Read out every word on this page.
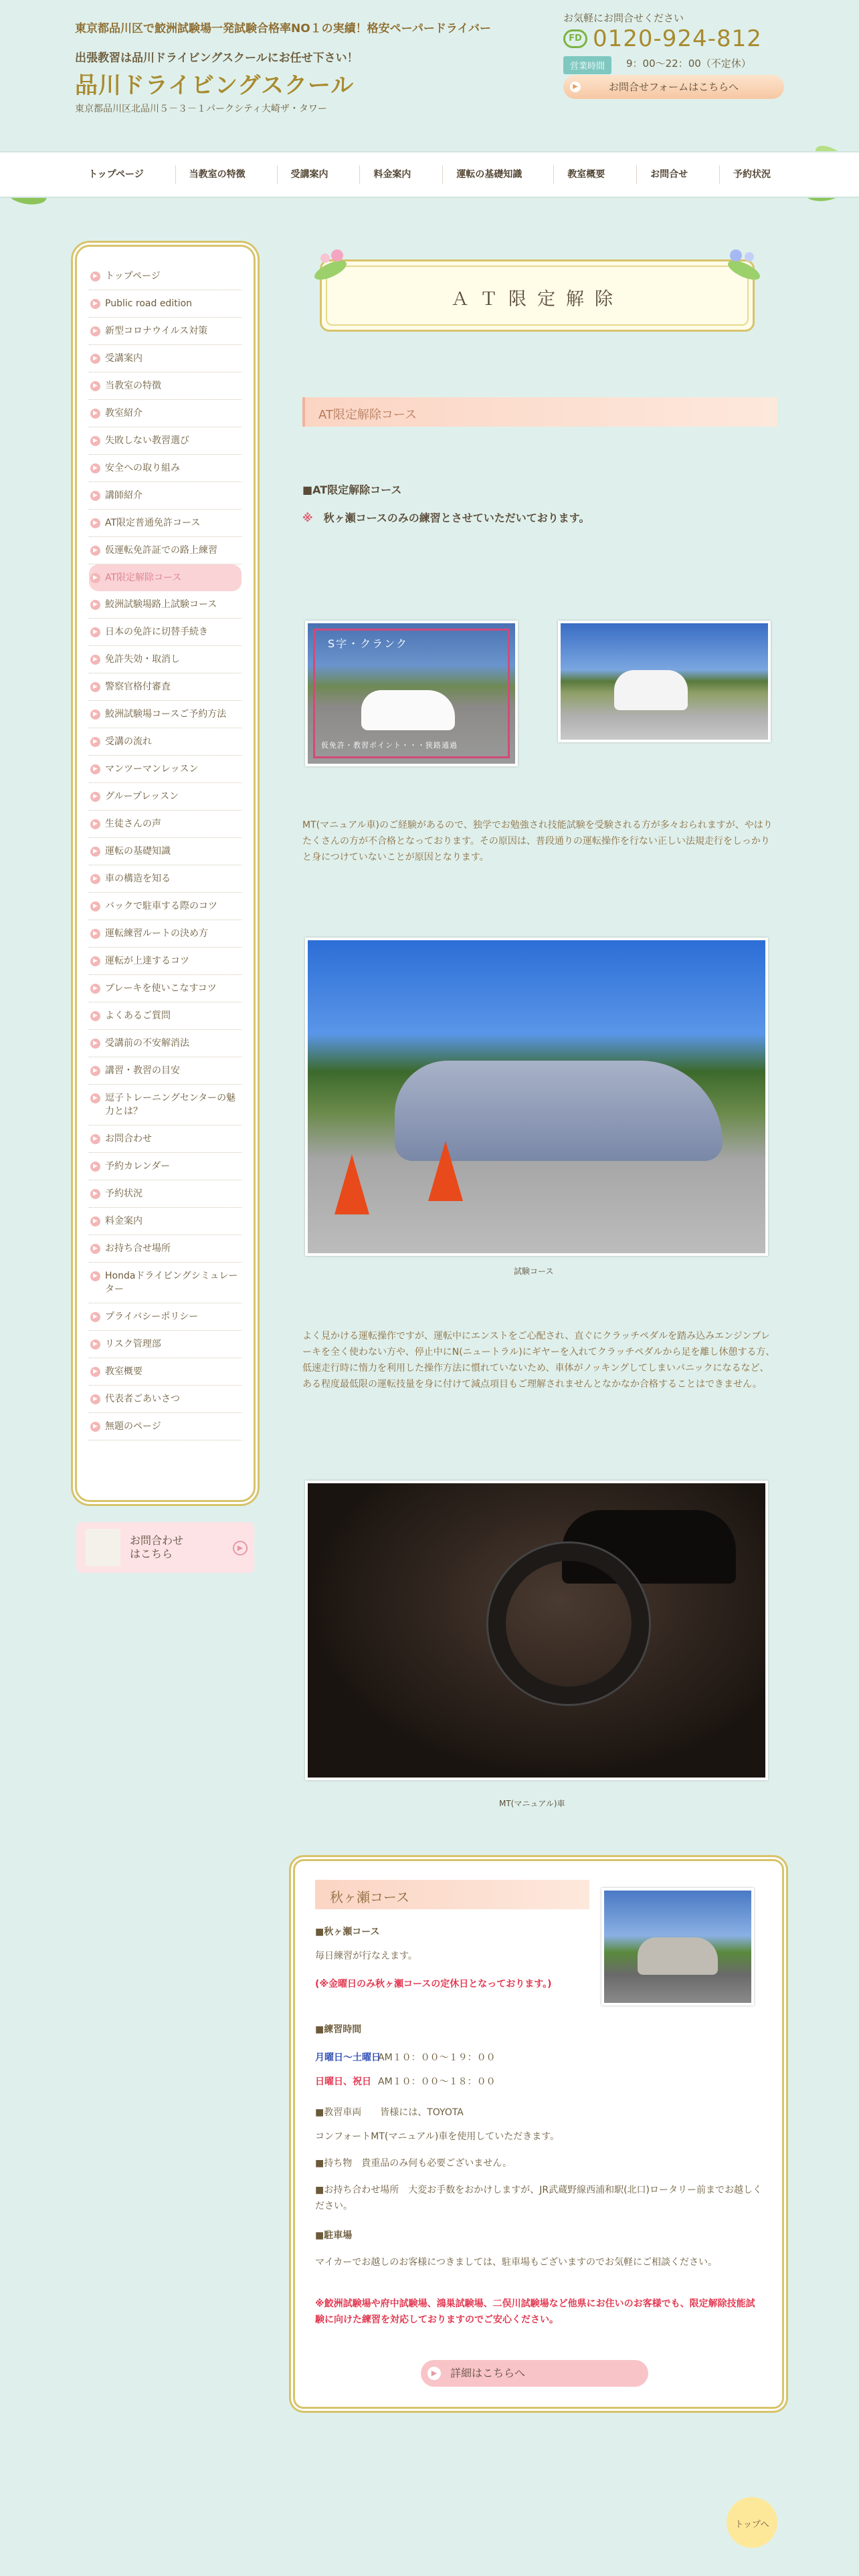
東京都品川区で鮫洲試験場一発試験合格率NO１の実績！格安ペーパードライバー
出張教習は品川ドライビングスクールにお任せ下さい！
品川ドライビングスクール
東京都品川区北品川５－３－１パークシティ大崎ザ・タワー
お気軽にお問合せください
FD 0120-924-812
営業時間	9：00～22：00（不定休）
▶	お問合せフォームはこちらへ
トップページ	当教室の特徴	受講案内	料金案内	運転の基礎知識	教室概要	お問合せ	予約状況
▶ トップページ
▶ Public road edition
▶ 新型コロナウイルス対策
▶ 受講案内
▶ 当教室の特徴
▶ 教室紹介
▶ 失敗しない教習選び
▶ 安全への取り組み
▶ 講師紹介
▶ AT限定普通免許コース
▶ 仮運転免許証での路上練習
▶ AT限定解除コース
▶ 鮫洲試験場路上試験コース
▶ 日本の免許に切替手続き
▶ 免許失効・取消し
▶ 警察官格付審査
▶ 鮫洲試験場コースご予約方法
▶ 受講の流れ
▶ マンツーマンレッスン
▶ グループレッスン
▶ 生徒さんの声
▶ 運転の基礎知識
▶ 車の構造を知る
▶ バックで駐車する際のコツ
▶ 運転練習ルートの決め方
▶ 運転が上達するコツ
▶ ブレーキを使いこなすコツ
▶ よくあるご質問
▶ 受講前の不安解消法
▶ 講習・教習の目安
▶ 逗子トレーニングセンターの魅力とは？
▶ お問合わせ
▶ 予約カレンダー
▶ 予約状況
▶ 料金案内
▶ お持ち合せ場所
▶ Hondaドライビングシミュレーター
▶ プライバシーポリシー
▶ リスク管理部
▶ 教室概要
▶ 代表者ごあいさつ
▶ 無題のページ
お問合わせ
はこちら	▶
ＡＴ限定解除
AT限定解除コース
■AT限定解除コース
※ 秋ヶ瀬コースのみの練習とさせていただいております。
S字・クランク
仮免許・教習ポイント・・・狭路通過
MT(マニュアル車)のご経験があるので、独学でお勉強され技能試験を受験される方が多々おられますが、やはりたくさんの方が不合格となっております。その原因は、普段通りの運転操作を行ない正しい法規走行をしっかりと身につけていないことが原因となります。
試験コース
よく見かける運転操作ですが、運転中にエンストをご心配され、直ぐにクラッチペダルを踏み込みエンジンブレーキを全く使わない方や、停止中にN(ニュートラル)にギヤーを入れてクラッチペダルから足を離し休憩する方、低速走行時に惰力を利用した操作方法に慣れていないため、車体がノッキングしてしまいパニックになるなど、ある程度最低限の運転技量を身に付けて減点項目もご理解されませんとなかなか合格することはできません。
MT(マニュアル)車
秋ヶ瀬コース
■秋ヶ瀬コース
毎日練習が行なえます。
(※金曜日のみ秋ヶ瀬コースの定休日となっております。)
■練習時間
月曜日～土曜日
AM１０：００～１９：００
日曜日、祝日 AM１０：００～１８：００
■教習車両　　皆様には、TOYOTA
コンフォートMT(マニュアル)車を使用していただきます。
■持ち物　貴重品のみ何も必要ございません。
■お持ち合わせ場所　大変お手数をおかけしますが、JR武蔵野線西浦和駅(北口)ロータリー前までお越しください。
■駐車場
マイカーでお越しのお客様につきましては、駐車場もございますのでお気軽にご相談ください。
※鮫洲試験場や府中試験場、鴻巣試験場、二俣川試験場など他県にお住いのお客様でも、限定解除技能試験に向けた練習を対応しておりますのでご安心ください。
▶	詳細はこちらへ
トップへ
